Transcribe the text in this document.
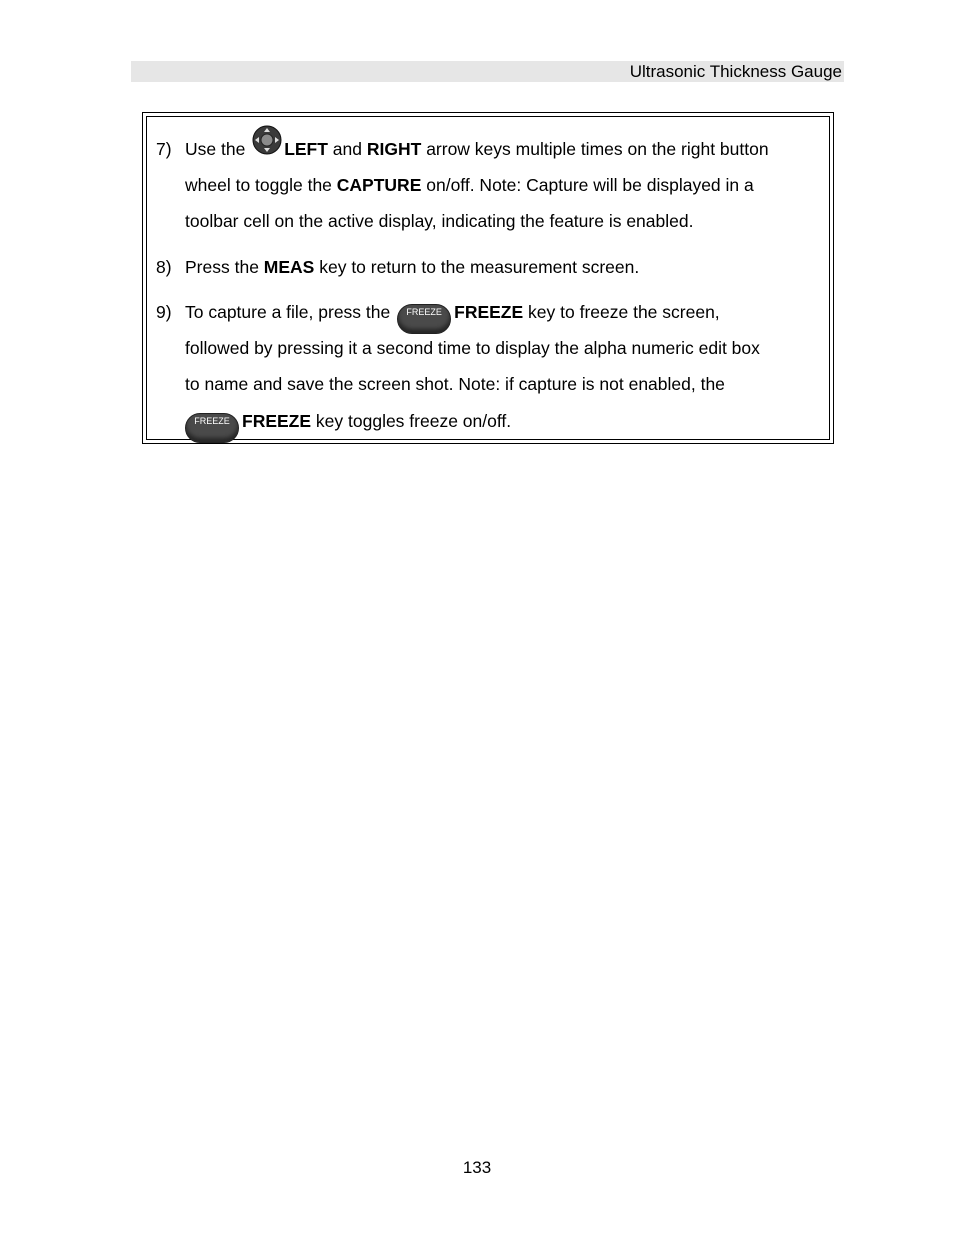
Ultrasonic Thickness Gauge
7) Use the LEFT and RIGHT arrow keys multiple times on the right button
wheel to toggle the CAPTURE on/off. Note: Capture will be displayed in a
toolbar cell on the active display, indicating the feature is enabled.
8) Press the MEAS key to return to the measurement screen.
9) To capture a file, press the FREEZE FREEZE key to freeze the screen,
followed by pressing it a second time to display the alpha numeric edit box
to name and save the screen shot. Note: if capture is not enabled, the
FREEZE FREEZE key toggles freeze on/off.
133
